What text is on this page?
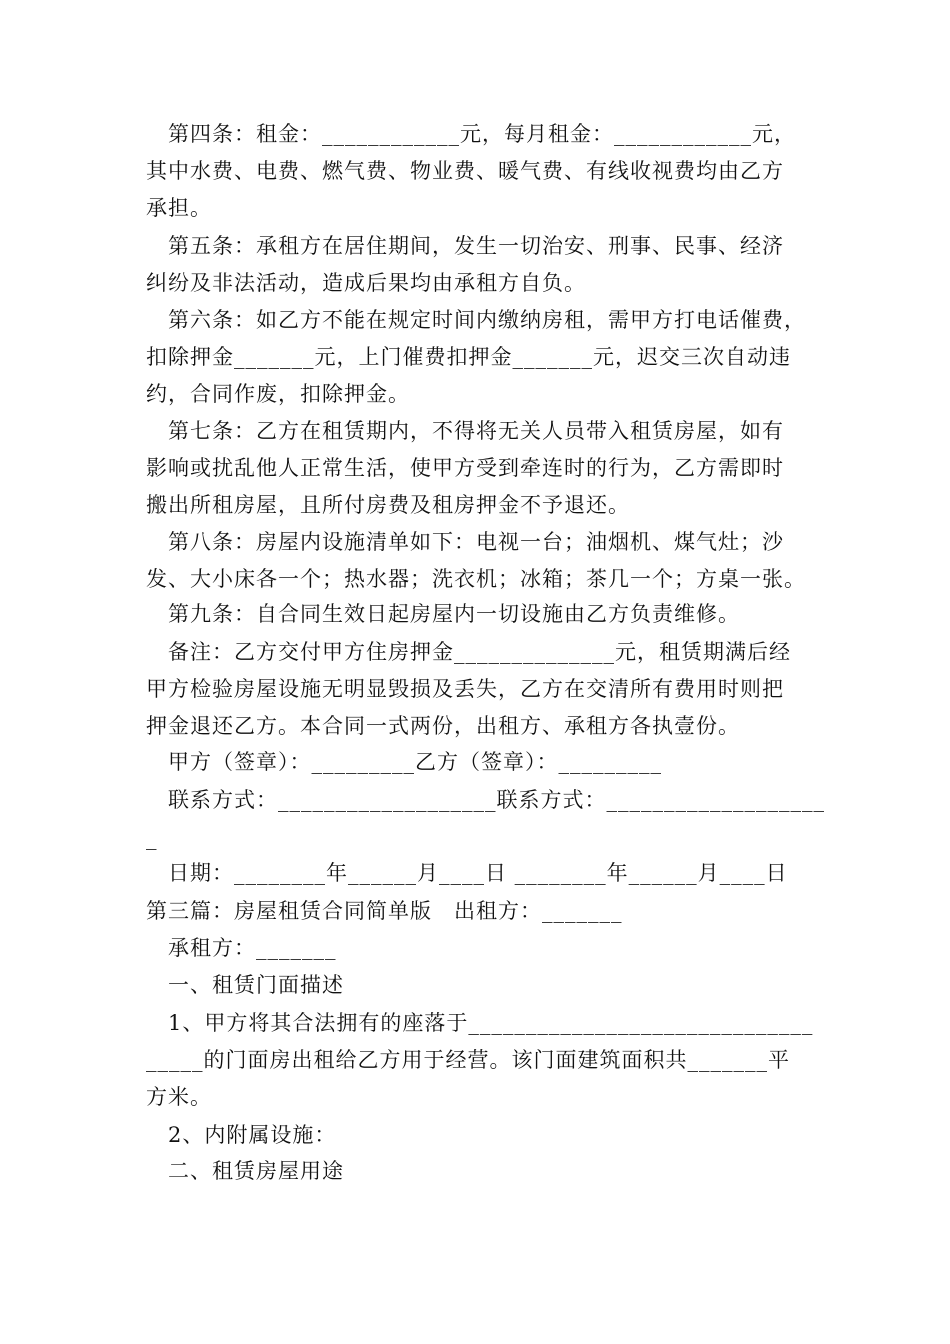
　第四条：租金：____________元，每月租金：____________元，
其中水费、电费、燃气费、物业费、暖气费、有线收视费均由乙方
承担。
　第五条：承租方在居住期间，发生一切治安、刑事、民事、经济
纠纷及非法活动，造成后果均由承租方自负。
　第六条：如乙方不能在规定时间内缴纳房租，需甲方打电话催费，
扣除押金_______元，上门催费扣押金_______元，迟交三次自动违
约，合同作废，扣除押金。
　第七条：乙方在租赁期内，不得将无关人员带入租赁房屋，如有
影响或扰乱他人正常生活，使甲方受到牵连时的行为，乙方需即时
搬出所租房屋，且所付房费及租房押金不予退还。
　第八条：房屋内设施清单如下：电视一台；油烟机、煤气灶；沙
发、大小床各一个；热水器；洗衣机；冰箱；茶几一个；方桌一张。
　第九条：自合同生效日起房屋内一切设施由乙方负责维修。
　备注：乙方交付甲方住房押金______________元，租赁期满后经
甲方检验房屋设施无明显毁损及丢失，乙方在交清所有费用时则把
押金退还乙方。本合同一式两份，出租方、承租方各执壹份。
　甲方（签章）：_________乙方（签章）：_________
　联系方式：___________________联系方式：___________________
_
　日期：________年______月____日 ________年______月____日
第三篇：房屋租赁合同简单版　出租方：_______
　承租方：_______
　一、租赁门面描述
　1、甲方将其合法拥有的座落于______________________________
_____的门面房出租给乙方用于经营。该门面建筑面积共_______平
方米。
　2、内附属设施：
　二、租赁房屋用途
